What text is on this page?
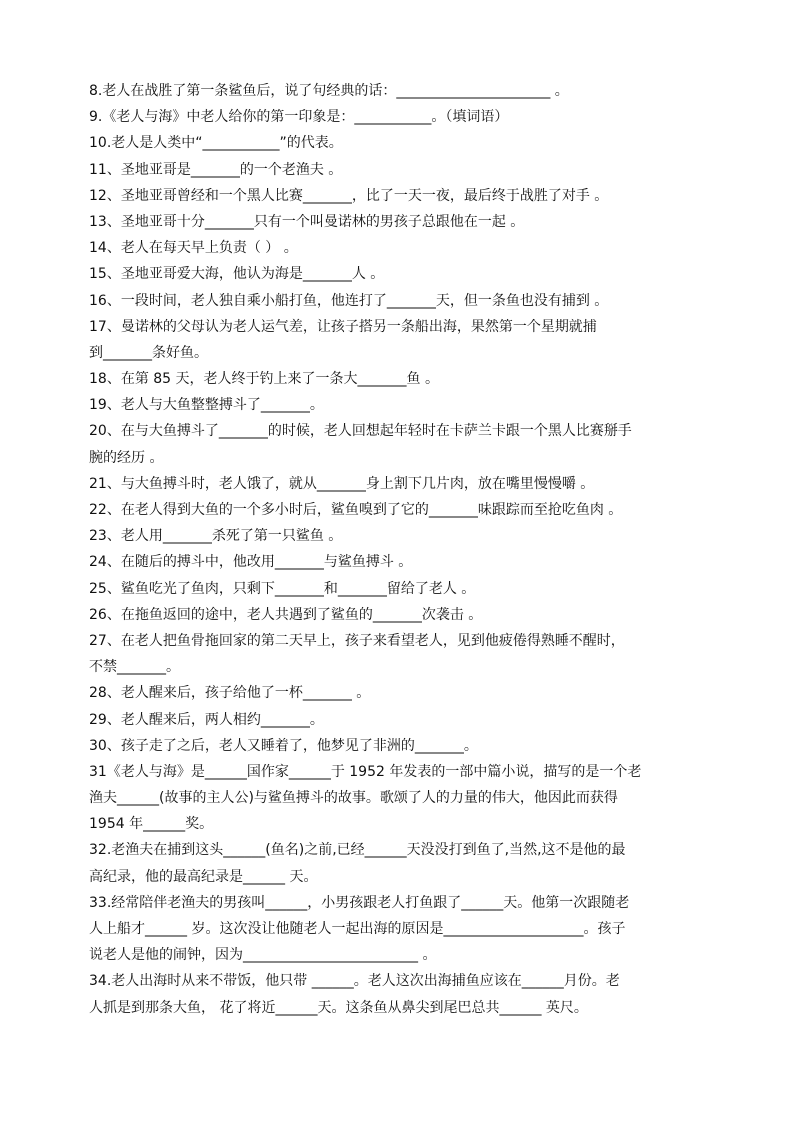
8.老人在战胜了第一条鲨鱼后，说了句经典的话：______________________ 。
9.《老人与海》中老人给你的第一印象是：___________。（填词语）
10.老人是人类中“___________”的代表。
11、圣地亚哥是_______的一个老渔夫 。
12、圣地亚哥曾经和一个黑人比赛_______，比了一天一夜，最后终于战胜了对手 。
13、圣地亚哥十分_______只有一个叫曼诺林的男孩子总跟他在一起 。
14、老人在每天早上负责（ ） 。
15、圣地亚哥爱大海，他认为海是_______人 。
16、一段时间，老人独自乘小船打鱼，他连打了_______天，但一条鱼也没有捕到 。
17、曼诺林的父母认为老人运气差，让孩子搭另一条船出海，果然第一个星期就捕
到_______条好鱼。
18、在第 85 天，老人终于钓上来了一条大_______鱼 。
19、老人与大鱼整整搏斗了_______。
20、在与大鱼搏斗了_______的时候，老人回想起年轻时在卡萨兰卡跟一个黑人比赛掰手
腕的经历 。
21、与大鱼搏斗时，老人饿了，就从_______身上割下几片肉，放在嘴里慢慢嚼 。
22、在老人得到大鱼的一个多小时后，鲨鱼嗅到了它的_______味跟踪而至抢吃鱼肉 。
23、老人用_______杀死了第一只鲨鱼 。
24、在随后的搏斗中，他改用_______与鲨鱼搏斗 。
25、鲨鱼吃光了鱼肉，只剩下_______和_______留给了老人 。
26、在拖鱼返回的途中，老人共遇到了鲨鱼的_______次袭击 。
27、在老人把鱼骨拖回家的第二天早上，孩子来看望老人，见到他疲倦得熟睡不醒时，
不禁_______。
28、老人醒来后，孩子给他了一杯_______ 。
29、老人醒来后，两人相约_______。
30、孩子走了之后，老人又睡着了，他梦见了非洲的_______。
31《老人与海》是______国作家______于 1952 年发表的一部中篇小说，描写的是一个老
渔夫______(故事的主人公)与鲨鱼搏斗的故事。歌颂了人的力量的伟大，他因此而获得
1954 年______奖。
32.老渔夫在捕到这头______(鱼名)之前,已经______天没没打到鱼了,当然,这不是他的最
高纪录，他的最高纪录是______ 天。
33.经常陪伴老渔夫的男孩叫______，小男孩跟老人打鱼跟了______天。他第一次跟随老
人上船才______ 岁。这次没让他随老人一起出海的原因是____________________。孩子
说老人是他的闹钟，因为_________________________ 。
34.老人出海时从来不带饭，他只带 ______。老人这次出海捕鱼应该在______月份。老
人抓是到那条大鱼， 花了将近______天。这条鱼从鼻尖到尾巴总共______ 英尺。
